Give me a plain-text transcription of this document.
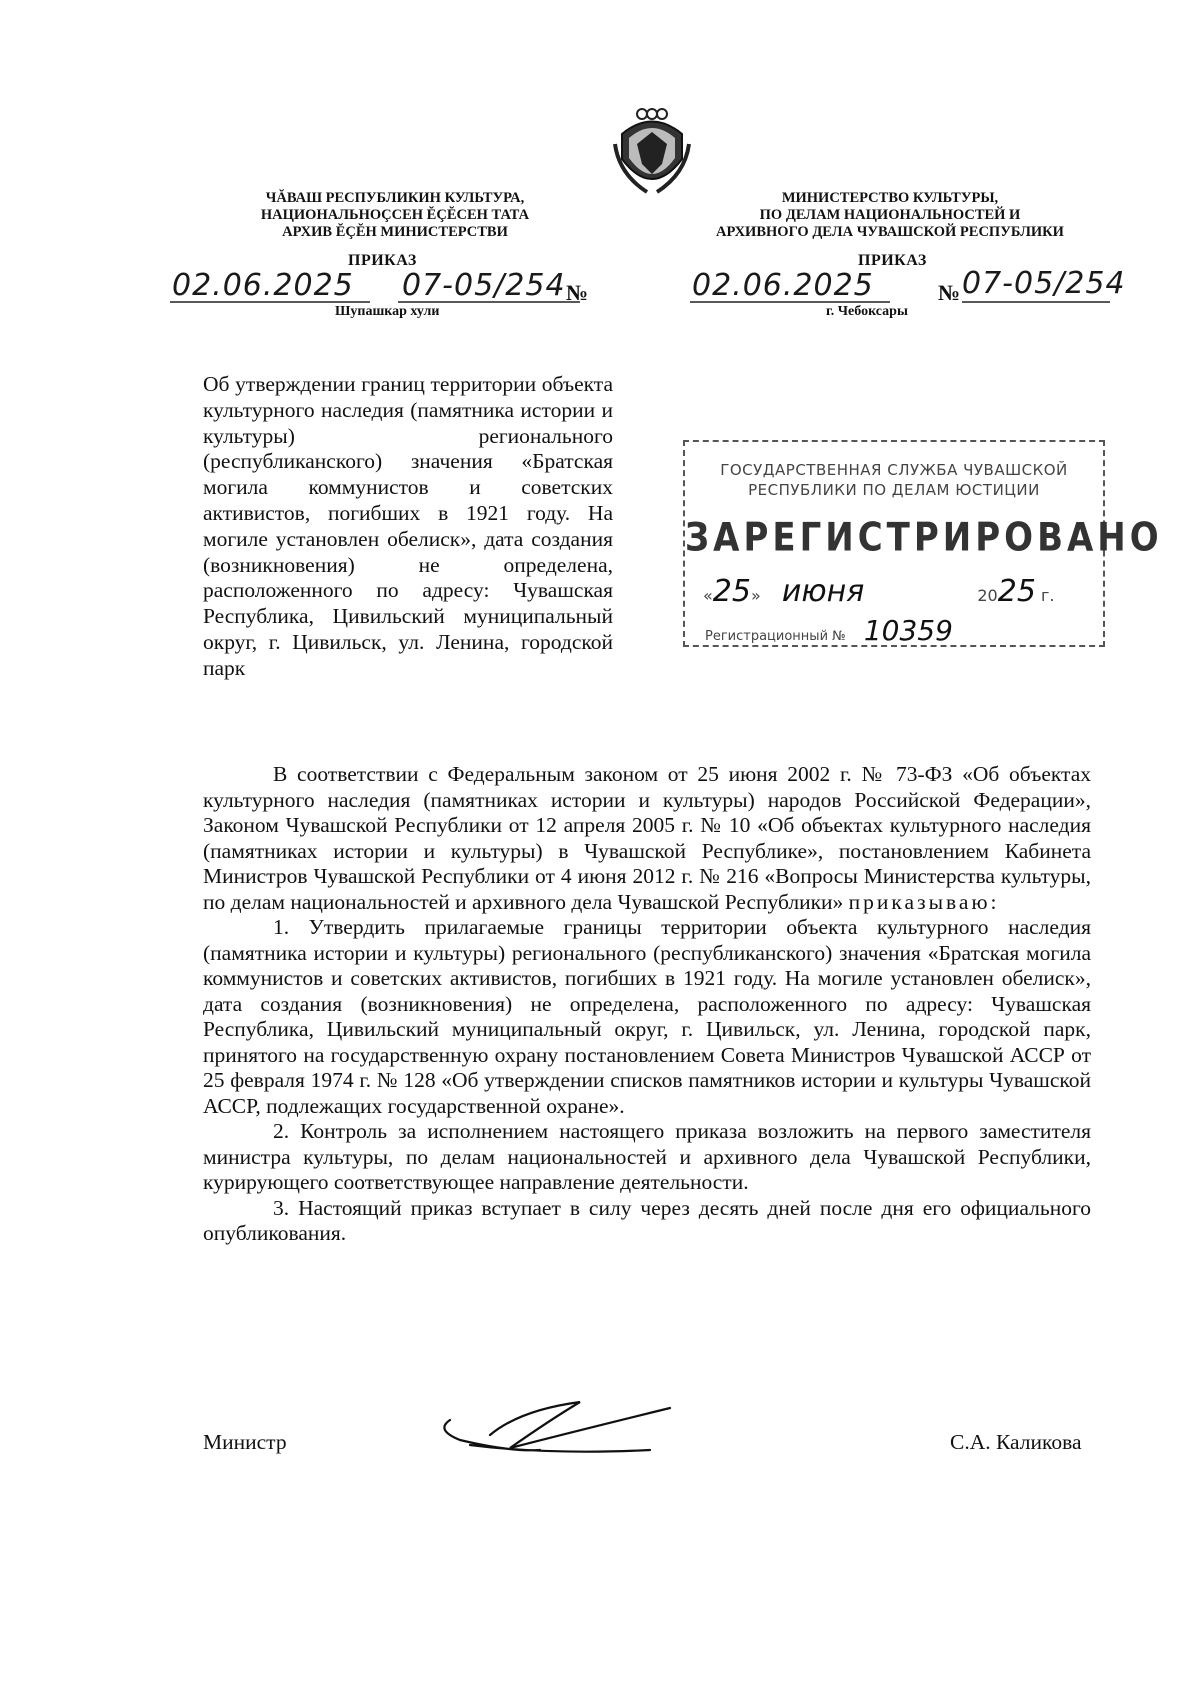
ЧĂВАШ РЕСПУБЛИКИН КУЛЬТУРА,
НАЦИОНАЛЬНОÇСЕН ĔÇĔСЕН ТАТА
АРХИВ ĔÇĔН МИНИСТЕРСТВИ
МИНИСТЕРСТВО КУЛЬТУРЫ,
ПО ДЕЛАМ НАЦИОНАЛЬНОСТЕЙ И
АРХИВНОГО ДЕЛА ЧУВАШСКОЙ РЕСПУБЛИКИ
ПРИКАЗ	ПРИКАЗ
02.06.2025 07-05/254 №
Шупашкар хули
02.06.2025	№ 07-05/254
г. Чебоксары
Об утверждении границ территории объекта культурного наследия (памятника истории и культуры) регионального (республиканского) значения «Братская могила коммунистов и советских активистов, погибших в 1921 году. На могиле установлен обелиск», дата создания (возникновения) не определена, расположенного по адресу: Чувашская Республика, Цивильский муниципальный округ, г. Цивильск, ул. Ленина, городской парк
ГОСУДАРСТВЕННАЯ СЛУЖБА ЧУВАШСКОЙ
РЕСПУБЛИКИ ПО ДЕЛАМ ЮСТИЦИИ
ЗАРЕГИСТРИРОВАНО
«25» июня	2025 г.
Регистрационный № 10359

В соответствии с Федеральным законом от 25 июня 2002 г. № 73-ФЗ «Об объектах культурного наследия (памятниках истории и культуры) народов Российской Федерации», Законом Чувашской Республики от 12 апреля 2005 г. № 10 «Об объектах культурного наследия (памятниках истории и культуры) в Чувашской Республике», постановлением Кабинета Министров Чувашской Республики от 4 июня 2012 г. № 216 «Вопросы Министерства культуры, по делам национальностей и архивного дела Чувашской Республики» приказываю:

1. Утвердить прилагаемые границы территории объекта культурного наследия (памятника истории и культуры) регионального (республиканского) значения «Братская могила коммунистов и советских активистов, погибших в 1921 году. На могиле установлен обелиск», дата создания (возникновения) не определена, расположенного по адресу: Чувашская Республика, Цивильский муниципальный округ, г. Цивильск, ул. Ленина, городской парк, принятого на государственную охрану постановлением Совета Министров Чувашской АССР от 25 февраля 1974 г. № 128 «Об утверждении списков памятников истории и культуры Чувашской АССР, подлежащих государственной охране».

2. Контроль за исполнением настоящего приказа возложить на первого заместителя министра культуры, по делам национальностей и архивного дела Чувашской Республики, курирующего соответствующее направление деятельности.

3. Настоящий приказ вступает в силу через десять дней после дня его официального опубликования.

Министр	С.А. Каликова
